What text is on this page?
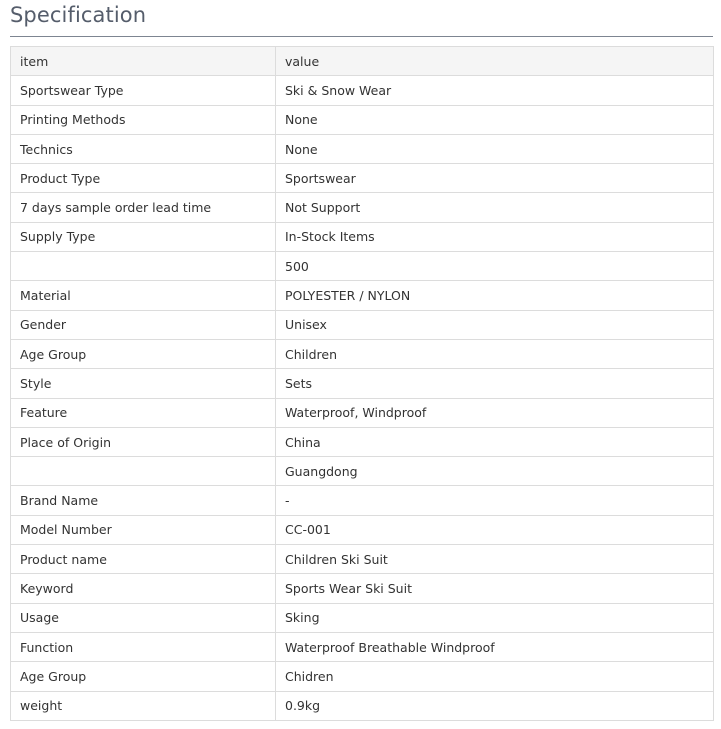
Specification
item	value
Sportswear Type	Ski & Snow Wear
Printing Methods	None
Technics	None
Product Type	Sportswear
7 days sample order lead time	Not Support
Supply Type	In-Stock Items
	500
Material	POLYESTER / NYLON
Gender	Unisex
Age Group	Children
Style	Sets
Feature	Waterproof, Windproof
Place of Origin	China
	Guangdong
Brand Name	-
Model Number	CC-001
Product name	Children Ski Suit
Keyword	Sports Wear Ski Suit
Usage	Sking
Function	Waterproof Breathable Windproof
Age Group	Chidren
weight	0.9kg
